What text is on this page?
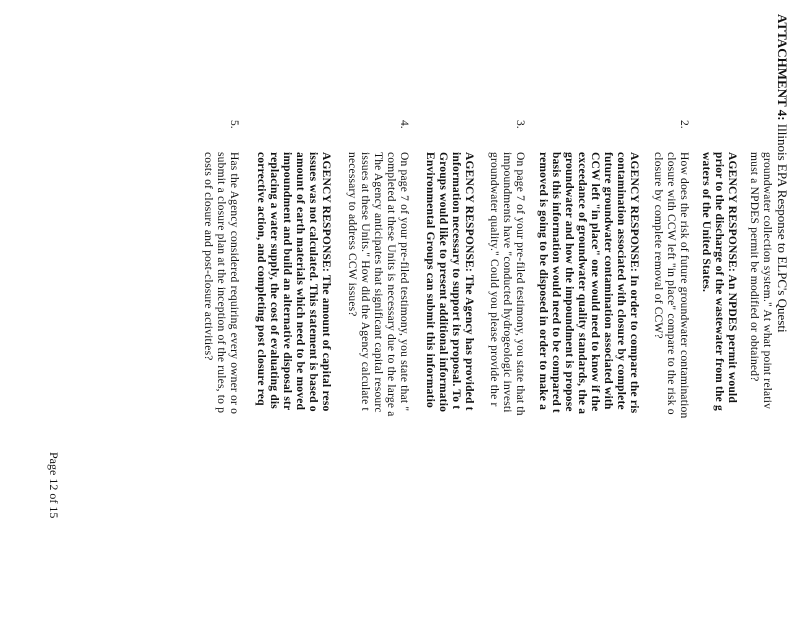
ATTACHMENT 4: Illinois EPA Response to ELPC's Questi
groundwater collection system." At what point relativ
must a NPDES permit be modified or obtained?
AGENCY RESPONSE: An NPDES permit would
prior to the discharge of the wastewater from the g
waters of the United States.
2.
How does the risk of future groundwater contamination
closure with CCW left "in place" compare to the risk o
closure by complete removal of CCW?
AGENCY RESPONSE: In order to compare the ris
contamination associated with closure by complete
future groundwater contamination associated with
CCW left "in place" one would need to know if the
exceedance of groundwater quality standards, the a
groundwater and how the impoundment is propose
basis this information would need to be compared t
removed is going to be disposed in order to make a
3.
On page 7 of your pre-filed testimony, you state that th
impoundments have "conducted hydrogeologic investi
groundwater quality." Could you please provide the r
AGENCY RESPONSE: The Agency has provided t
information necessary to support its proposal. To t
Groups would like to present additional informatio
Environmental Groups can submit this informatio
4.
On page 7 of your pre-filed testimony, you state that "
completed at these Units is necessary due to the large a
The Agency anticipates that significant capital resourc
issues at these Units." How did the Agency calculate t
necessary to address CCW issues?
AGENCY RESPONSE: The amount of capital reso
issues was not calculated. This statement is based o
amount of earth materials which need to be moved
impoundment and build an alternative disposal str
replacing a water supply, the cost of evaluating dis
corrective action, and completing post closure req
5.
Has the Agency considered requiring every owner or o
submit a closure plan at the inception of the rules, to p
costs of closure and post-closure activities?
Page 12 of 15
